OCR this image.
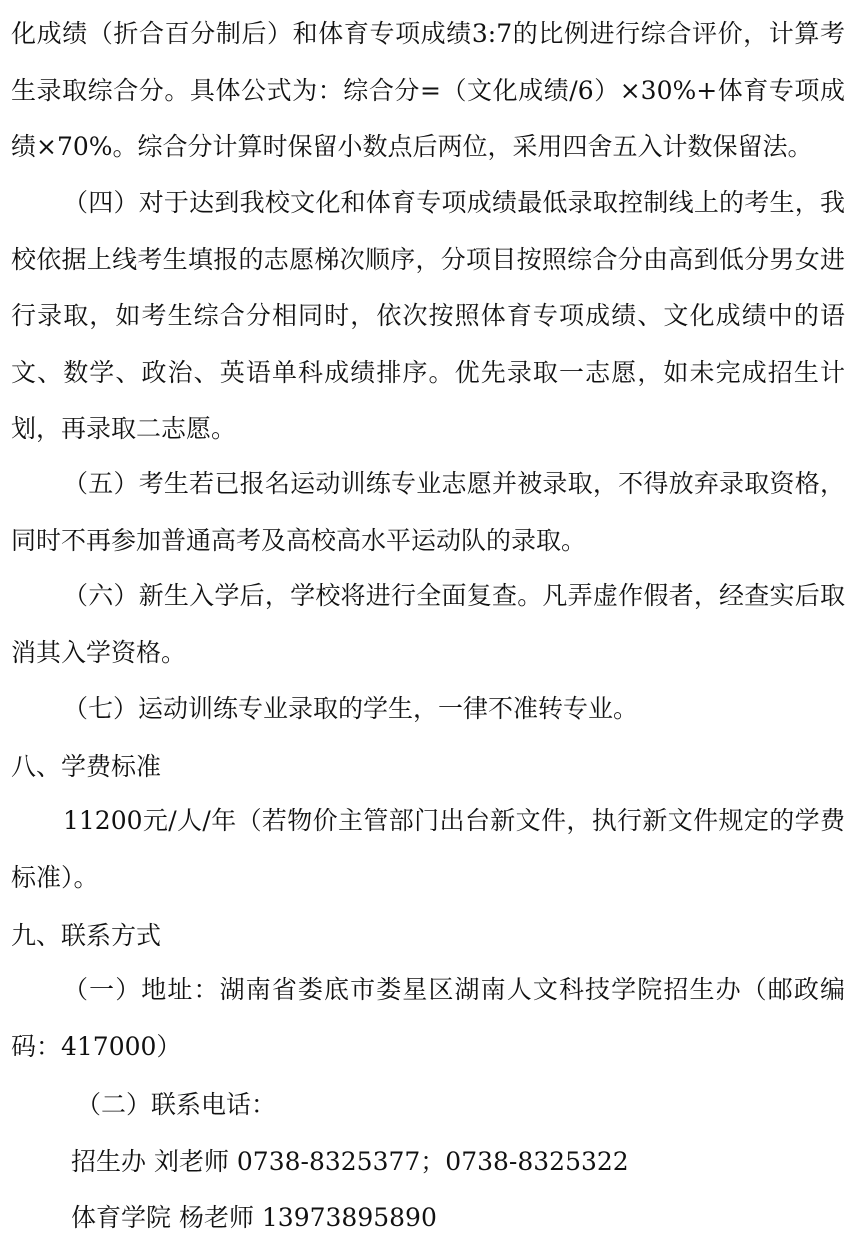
化成绩（折合百分制后）和体育专项成绩3:7的比例进行综合评价，计算考生录取综合分。具体公式为：综合分=（文化成绩/6）×30%+体育专项成绩×70%。综合分计算时保留小数点后两位，采用四舍五入计数保留法。

（四）对于达到我校文化和体育专项成绩最低录取控制线上的考生，我校依据上线考生填报的志愿梯次顺序，分项目按照综合分由高到低分男女进行录取，如考生综合分相同时，依次按照体育专项成绩、文化成绩中的语文、数学、政治、英语单科成绩排序。优先录取一志愿，如未完成招生计划，再录取二志愿。

（五）考生若已报名运动训练专业志愿并被录取，不得放弃录取资格，同时不再参加普通高考及高校高水平运动队的录取。

（六）新生入学后，学校将进行全面复查。凡弄虚作假者，经查实后取消其入学资格。

（七）运动训练专业录取的学生，一律不准转专业。

八、学费标准

11200元/人/年（若物价主管部门出台新文件，执行新文件规定的学费标准）。

九、联系方式

（一）地址：湖南省娄底市娄星区湖南人文科技学院招生办（邮政编码：417000）

（二）联系电话：

招生办 刘老师 0738-8325377；0738-8325322

体育学院 杨老师 13973895890
